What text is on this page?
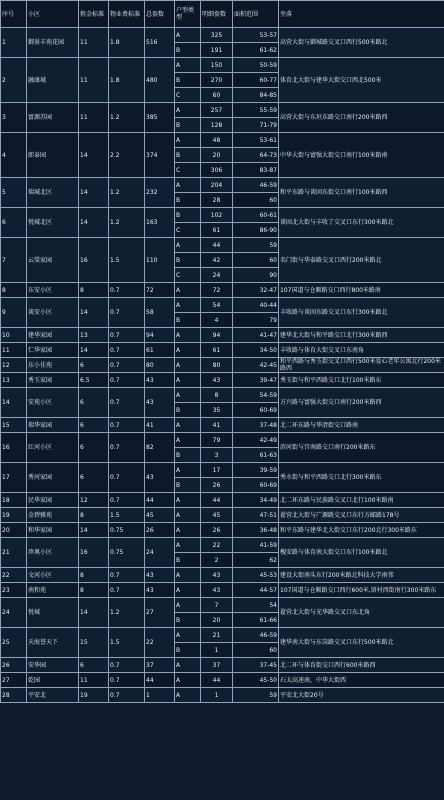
序号	小区	租金标准	物业费标准	总套数	户型类型	明细套数	面积范围	坐落
1	御景丰苑花园	11	1.8	516	A	325	53-57	高营大街与御城路交叉口西行500米路北
					B	191	61-62	
2	融康城	11	1.8	480	A	150	50-59	体育北大街与建华大街交口西北500米
					B	270	60-77	
					C	60	84-85	
3	富源苏园	11	1.2	385	A	257	55-59	高营大街与东垣东路交口南行200米路西
					B	128	71-79	
4	郎泰园	14	2.2	374	A	48	53-61	中华大街与富强大街交口南行100米路南
					B	20	64-73	
					C	306	83-87	
5	瑞城北区	14	1.2	232	A	204	46-59	和平东路与谈固东街交口南行100米路西
					B	28	60	
6	悦城北区	14	1.2	163	B	102	60-61	谈固北大街与丰收了交叉口东行300米路北
					C	61	86-90	
7	云棠家园	16	1.5	110	A	44	59	名门街与华泰路交叉口西行200米路北
					B	42	60	
					C	24	90	
8	东安小区	8	0.7	72	A	72	32-47	107国道与仓顺路交口西行800米路南
9	谈安小区	14	0.7	58	A	54	40-44	丰收路与谈固东路交叉口东行300米路北
					B	4	79	
10	建华家园	13	0.7	94	A	94	41-47	建华北大街与和平路交口北行300米路西
11	仁华家园	14	0.7	61	A	61	34-50	丰收路与体育大街交叉口东南角
12	东小佳苑	6	0.7	80	A	80	42-45	和平西路与秀玉街交叉口西行500米爱心老年公寓北行200米路西
13	秀玉家园	6.5	0.7	43	A	43	39-47	秀玉街与和平西路交口北行100米路东
14	安苑小区	6	0.7	43	A	8	54-59	方兴路与富强大街交口南行200米路西
					B	35	60-69	
15	瑞华家园	6	0.7	41	A	41	37-48	北二环东路与华清街交口路南
16	红河小区	6	0.7	82	A	79	42-49	滨河街与宫南路交口南行200米路东
					B	3	61-63	
17	秀河家园	6	0.7	43	A	17	39-59	秀水街与和平西路交口北行300米路东
					B	26	60-69	
18	民华家园	12	0.7	44	A	44	34-49	北二环东路与民族路交叉口北行100米路南
19	金碧雅苑	8	1.5	45	A	45	47-51	翟营北大街与广源路交叉口东行方邮路178号
20	和华家园	14	0.75	26	A	26	36-48	和平东路与建华北大街交口东行200北行300米路东
21	珍奥小区	16	0.75	24	A	22	41-59	槐安路与体育南大街交口东行100米路北
					B	2	62	
22	文河小区	8	0.7	43	A	43	45-53	建设大街南头东行200米路北科技大学南邻
23	南和苑	8	0.7	43	A	43	44-57	107国道与仓顺路交口西行600米,留村西街南行300米路东
24	悦城	14	1.2	27	A	7	54	翟营北大街与光华路交叉口东北角
					B	20	61-66	
25	天海誉天下	15	1.5	22	A	21	46-59	建华南大街与东岗路交叉口东行500米路北
					B	1	60	
26	安华园	6	0.7	37	A	37	37-45	北二环与体育街交口西行600米路西
27	乾园	11	0.7	44	A	44	45-50	石太高速南，中华大街西
28	平安北	19	0.7	1	A	1	59	平安北大街20号
